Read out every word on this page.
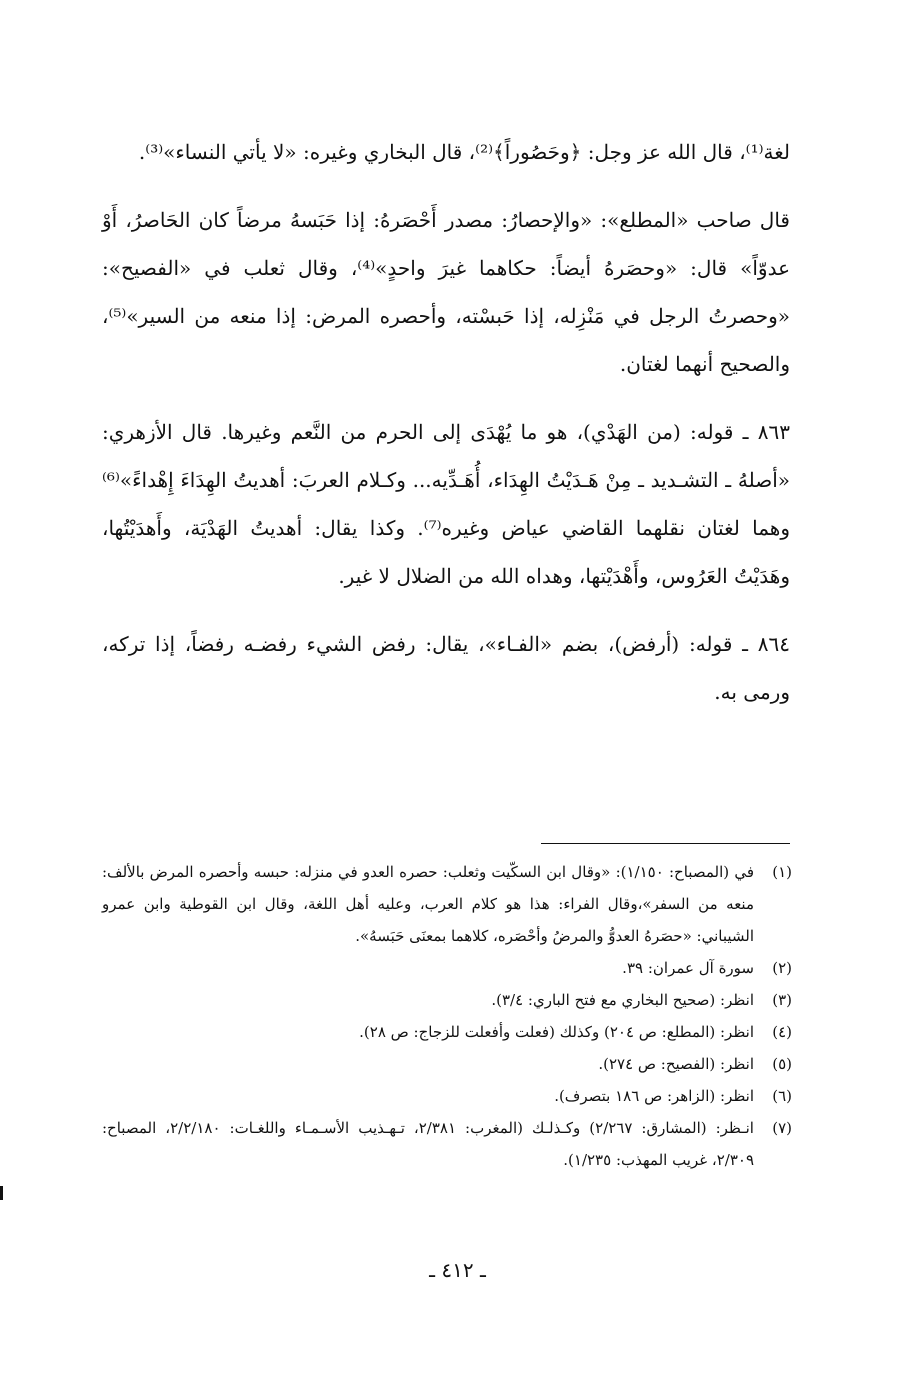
لغة⁽¹⁾، قال الله عز وجل: ﴿وحَصُوراً﴾⁽²⁾، قال البخاري وغيره: «لا يأتي النساء»⁽³⁾.

قال صاحب «المطلع»: «والإحصارُ: مصدر أَحْصَرهُ: إذا حَبَسهُ مرضاً كان الحَاصرُ، أَوْ عدوّاً» قال: «وحصَرهُ أيضاً: حكاهما غيرَ واحدٍ»⁽⁴⁾، وقال ثعلب في «الفصيح»: «وحصرتُ الرجل في مَنْزِله، إذا حَبسْته، وأحصره المرض: إذا منعه من السير»⁽⁵⁾، والصحيح أنهما لغتان.

٨٦٣ ـ قوله: (من الهَدْي)، هو ما يُهْدَى إلى الحرم من النَّعم وغيرها. قال الأزهري: «أصلهُ ـ التشـديد ـ مِنْ هَـدَيْتُ الهِدَاء، أُهَـدِّيه... وكـلام العربَ: أهديتُ الهِدَاءَ إِهْداءً»⁽⁶⁾ وهما لغتان نقلهما القاضي عياض وغيره⁽⁷⁾. وكذا يقال: أهديتُ الهَدْيَة، وأَهدَيْتُها، وهَدَيْتُ العَرُوس، وأَهْدَيْتها، وهداه الله من الضلال لا غير.

٨٦٤ ـ قوله: (أرفض)، بضم «الفـاء»، يقال: رفض الشيء رفضـه رفضاً، إذا تركه، ورمى به.

(١)
في (المصباح: ١/١٥٠): «وقال ابن السكّيت وثعلب: حصره العدو في منزله: حبسه وأحصره المرض بالألف: منعه من السفر»،وقال الفراء: هذا هو كلام العرب، وعليه أهل اللغة، وقال ابن القوطية وابن عمرو الشيباني: «حصَرهُ العدوُّ والمرضُ وأحْصَره، كلاهما بمعنَى حَبَسهُ».
(٢)
سورة آل عمران: ٣٩.
(٣)
انظر: (صحيح البخاري مع فتح الباري: ٣/٤).
(٤)
انظر: (المطلع: ص ٢٠٤) وكذلك (فعلت وأفعلت للزجاج: ص ٢٨).
(٥)
انظر: (الفصيح: ص ٢٧٤).
(٦)
انظر: (الزاهر: ص ١٨٦ بتصرف).
(٧)
انـظر: (المشارق: ٢/٢٦٧) وكـذلـك (المغرب: ٢/٣٨١، تـهـذيب الأسـمـاء واللغـات: ٢/٢/١٨٠، المصباح: ٢/٣٠٩، غريب المهذب: ١/٢٣٥).
ـ ٤١٢ ـ
